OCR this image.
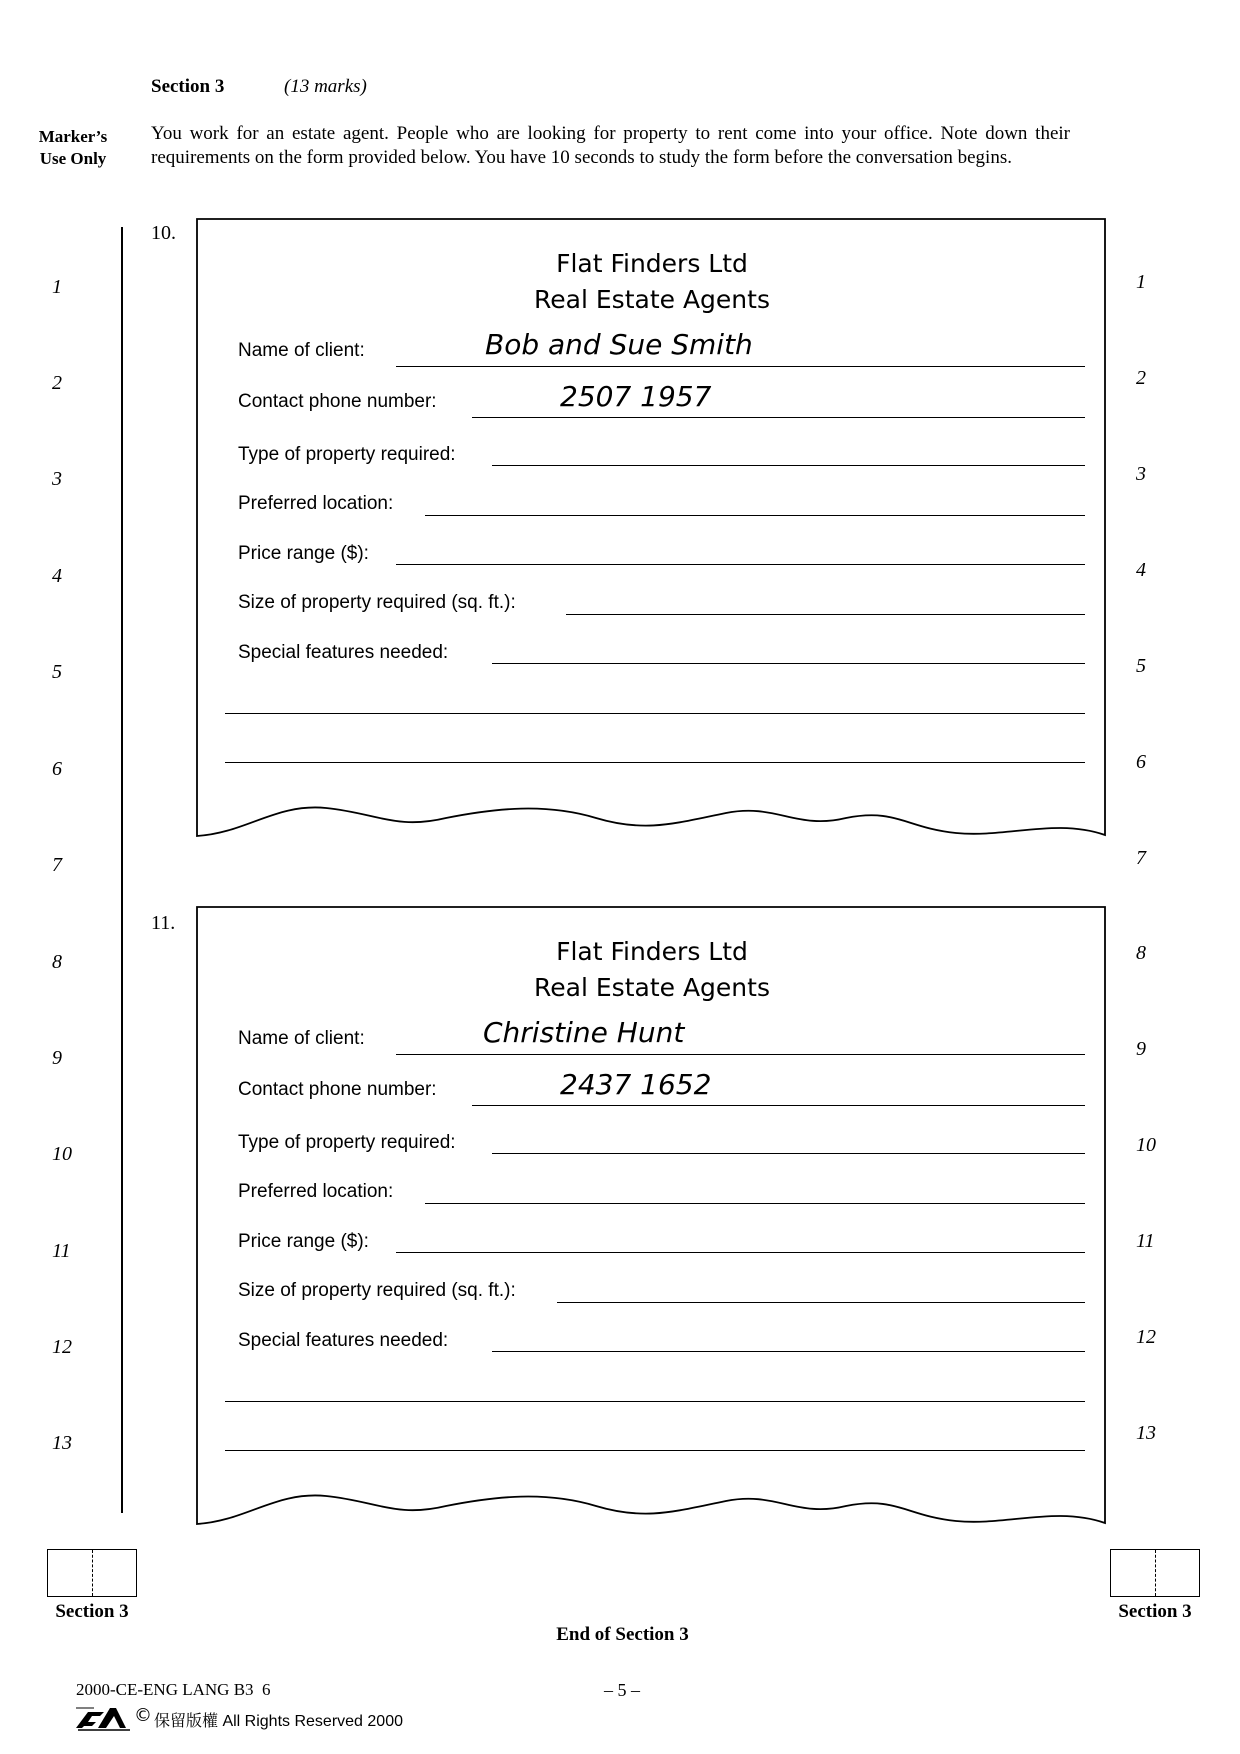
Section 3	(13 marks)
Marker’s
Use Only
You work for an estate agent. People who are looking for property to rent come into your office. Note down their requirements on the form provided below. You have 10 seconds to study the form before the conversation begins.
1
2
3
4
5
6
7
8
9
10
11
12
13
1
2
3
4
5
6
7
8
9
10
11
12
13
10.
Flat Finders Ltd
Real Estate Agents
Name of client:	Bob and Sue Smith
Contact phone number:	2507 1957
Type of property required:
Preferred location:
Price range ($):
Size of property required (sq. ft.):
Special features needed:
11.
Flat Finders Ltd
Real Estate Agents
Name of client:	Christine Hunt
Contact phone number:	2437 1652
Type of property required:
Preferred location:
Price range ($):
Size of property required (sq. ft.):
Special features needed:
Section 3	Section 3
End of Section 3
2000-CE-ENG LANG B3  6	– 5 –
© 保留版權 All Rights Reserved 2000
